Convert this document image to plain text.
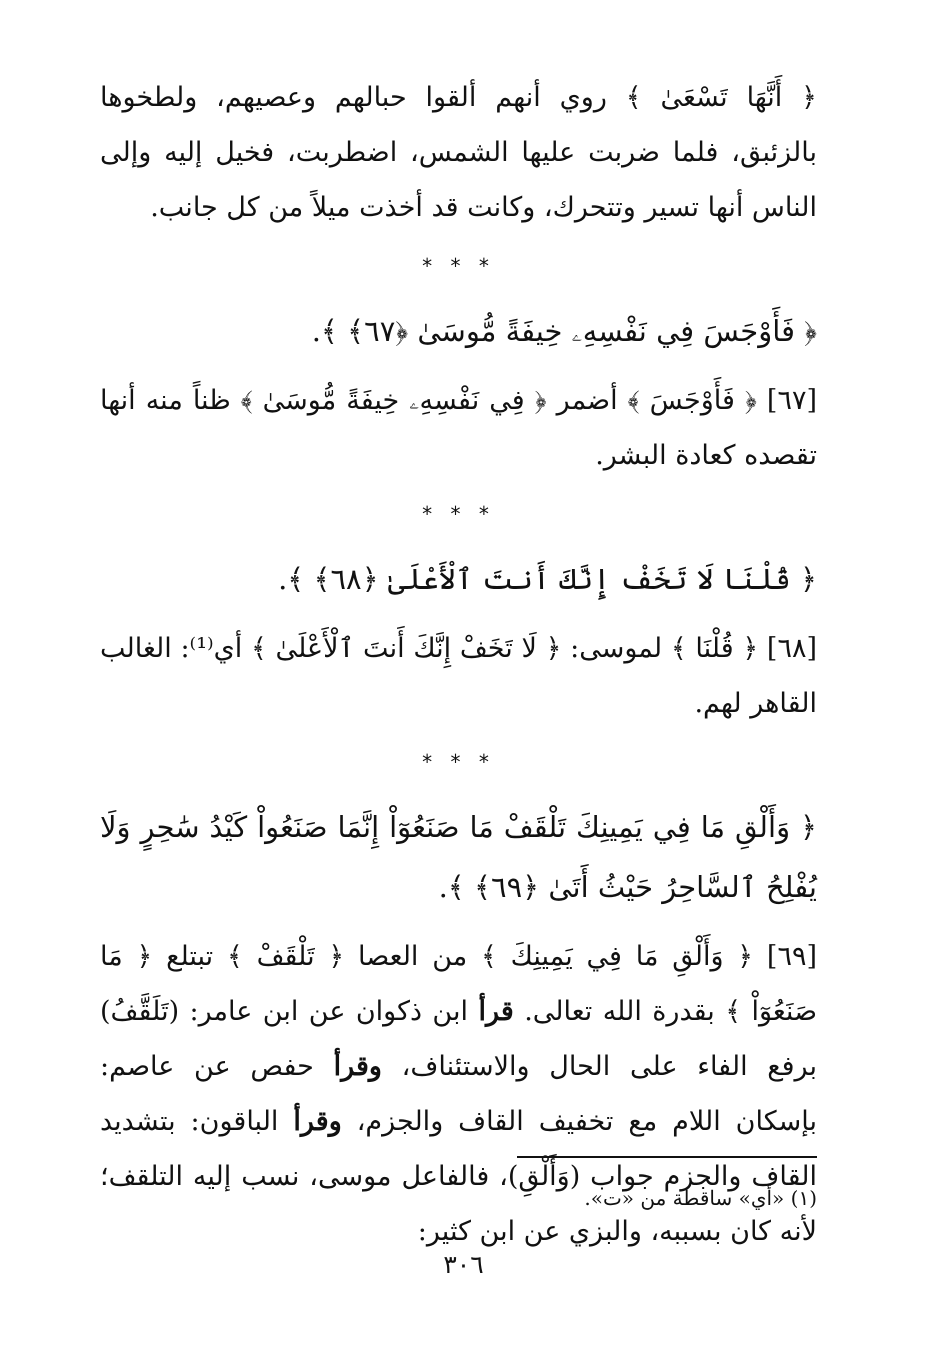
﴿ أَنَّهَا تَسْعَىٰ ﴾ روي أنهم ألقوا حبالهم وعصيهم، ولطخوها بالزئبق، فلما ضربت عليها الشمس، اضطربت، فخيل إليه وإلى الناس أنها تسير وتتحرك، وكانت قد أخذت ميلاً من كل جانب.

* * *

﴿ فَأَوْجَسَ فِي نَفْسِهِۦ خِيفَةً مُّوسَىٰ ﴿٦٧﴾ ﴾.

[٦٧] ﴿ فَأَوْجَسَ ﴾ أضمر ﴿ فِي نَفْسِهِۦ خِيفَةً مُّوسَىٰ ﴾ ظناً منه أنها تقصده كعادة البشر.

* * *

﴿ قُلْنَا لَا تَخَفْ إِنَّكَ أَنتَ ٱلْأَعْلَىٰ ﴿٦٨﴾ ﴾.

[٦٨] ﴿ قُلْنَا ﴾ لموسى: ﴿ لَا تَخَفْ إِنَّكَ أَنتَ ٱلْأَعْلَىٰ ﴾ أي⁽¹⁾: الغالب القاهر لهم.

* * *

﴿ وَأَلْقِ مَا فِي يَمِينِكَ تَلْقَفْ مَا صَنَعُوٓاْ إِنَّمَا صَنَعُواْ كَيْدُ سَٰحِرٍ وَلَا يُفْلِحُ ٱلسَّاحِرُ حَيْثُ أَتَىٰ ﴿٦٩﴾ ﴾.

[٦٩] ﴿ وَأَلْقِ مَا فِي يَمِينِكَ ﴾ من العصا ﴿ تَلْقَفْ ﴾ تبتلع ﴿ مَا صَنَعُوٓاْ ﴾ بقدرة الله تعالى. قرأ ابن ذكوان عن ابن عامر: (تَلَقَّفُ) برفع الفاء على الحال والاستئناف، وقرأ حفص عن عاصم: بإسكان اللام مع تخفيف القاف والجزم، وقرأ الباقون: بتشديد القاف والجزم جواب (وَأَلْقِ)، فالفاعل موسى، نسب إليه التلقف؛ لأنه كان بسببه، والبزي عن ابن كثير:

(١) «أي» ساقطة من «ت».
٣٠٦
